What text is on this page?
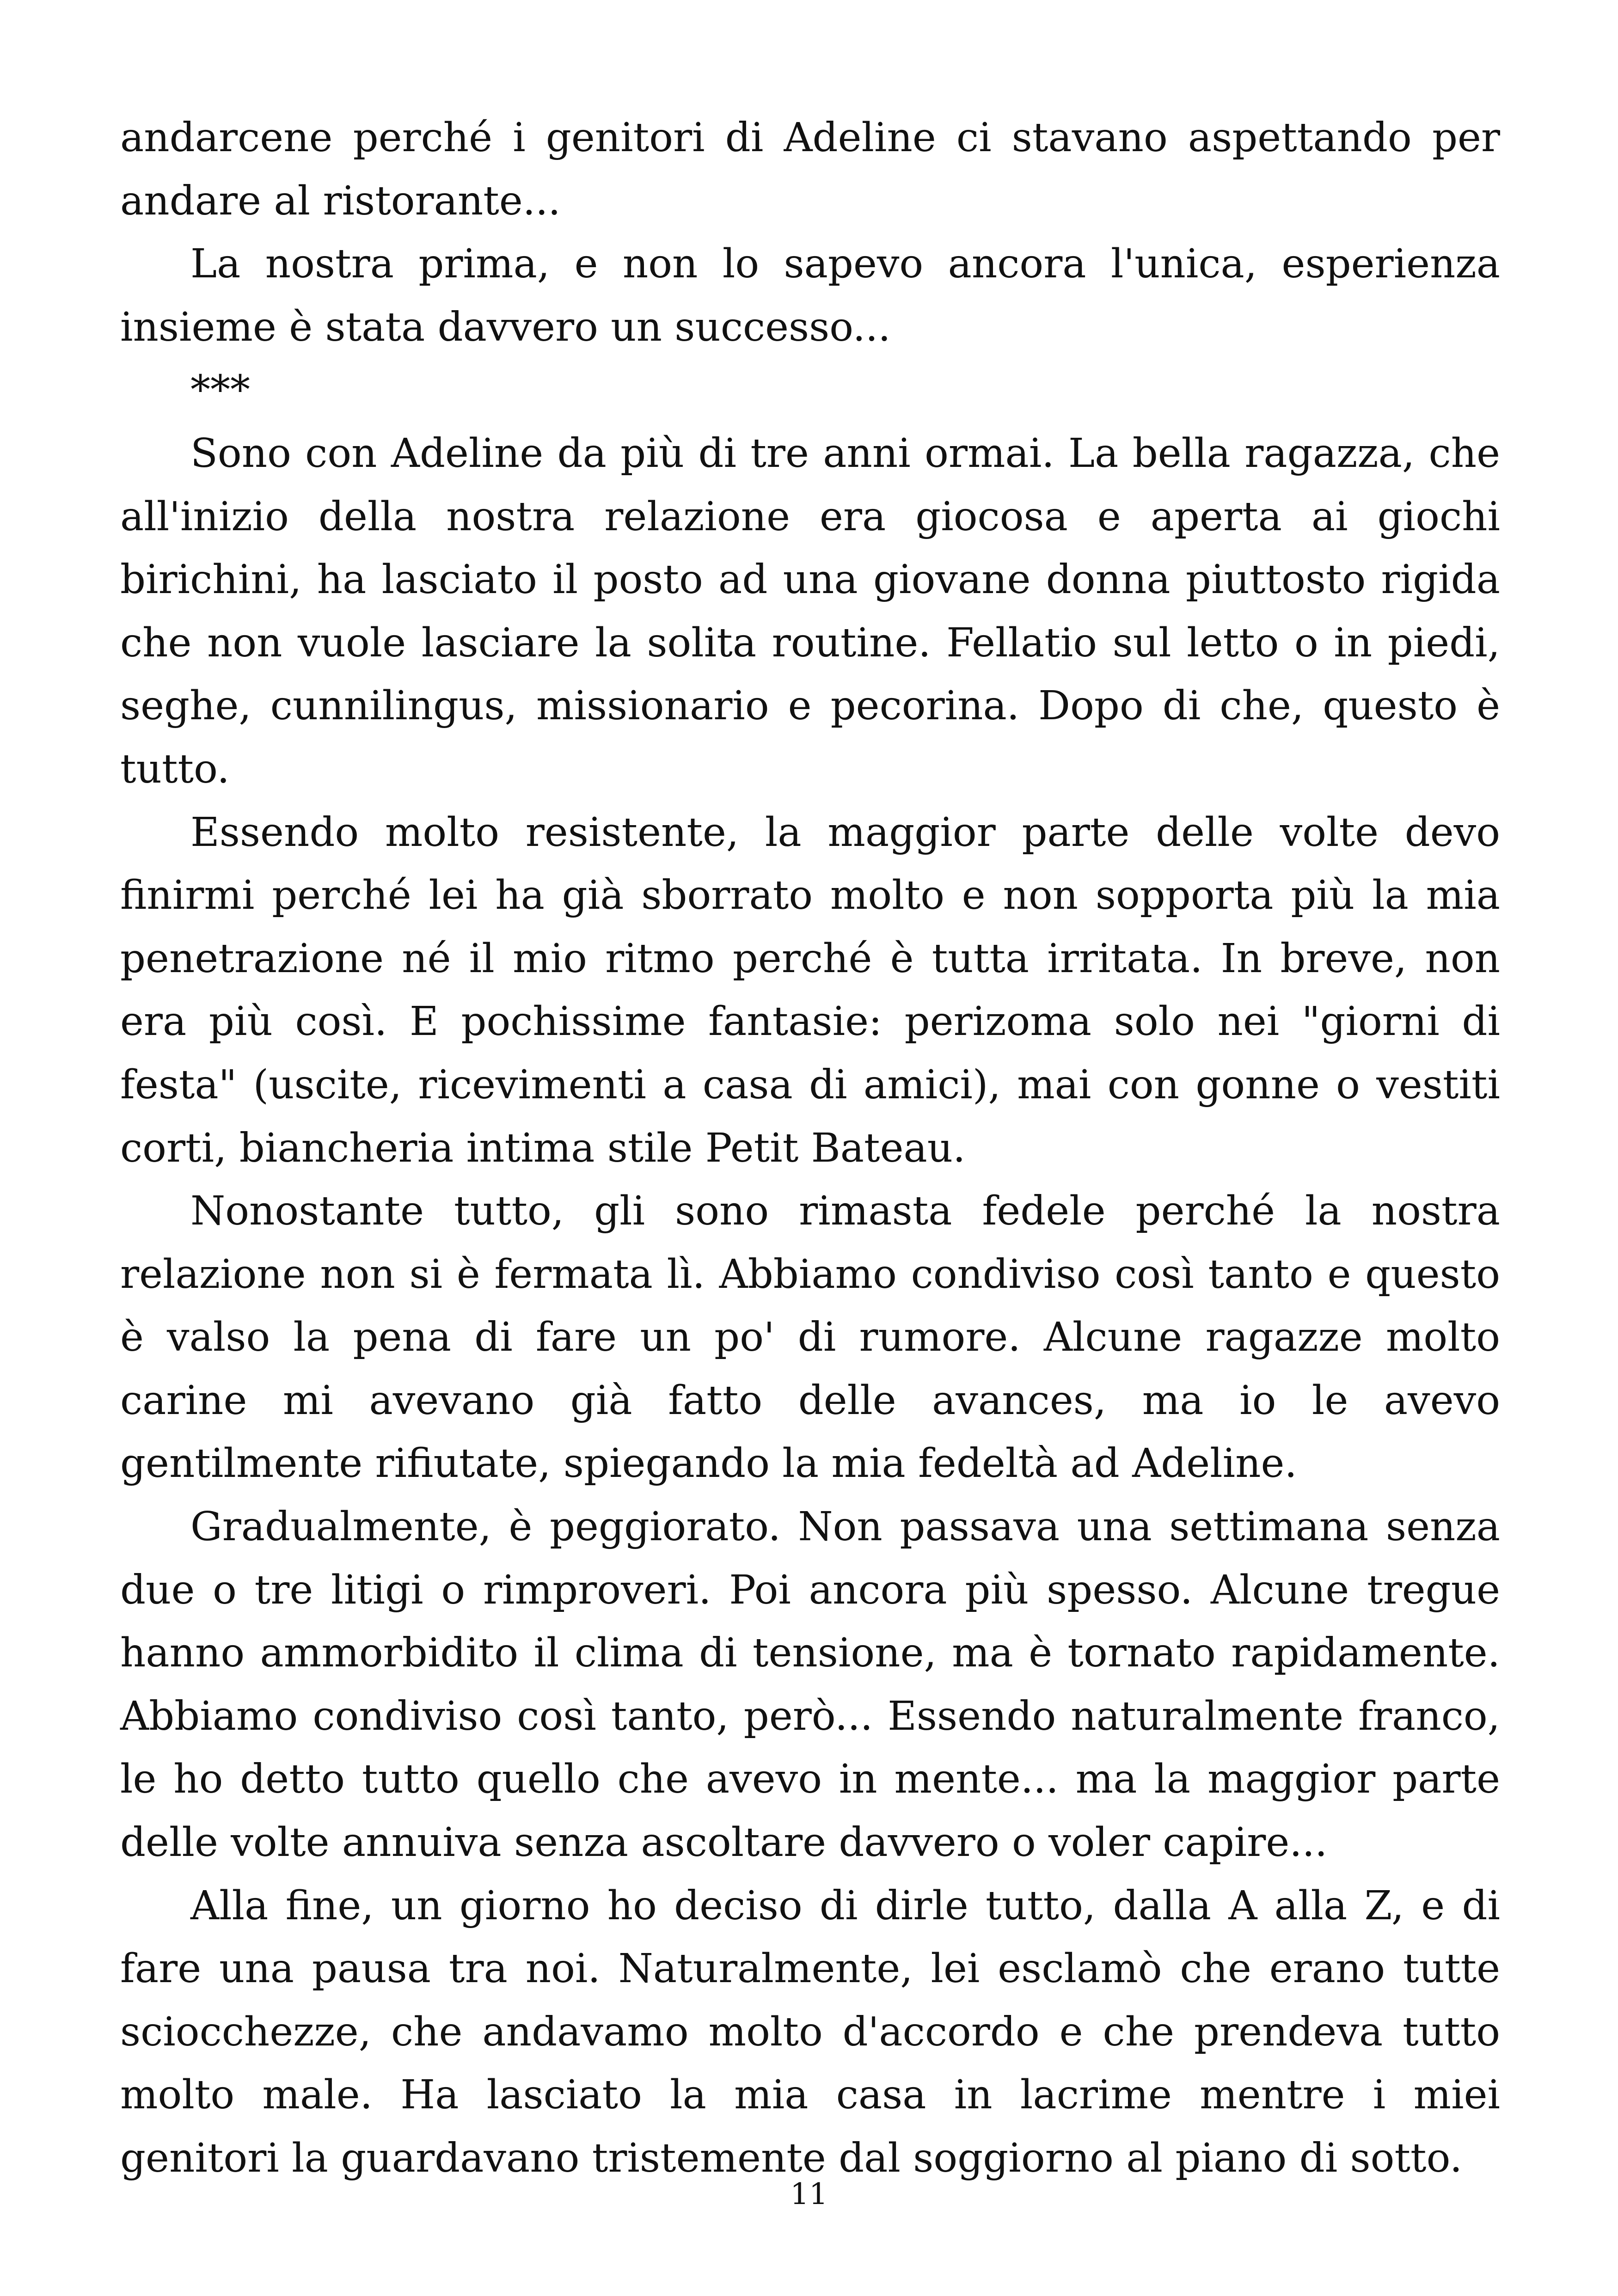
andarcene perché i genitori di Adeline ci stavano aspettando per andare al ristorante...

La nostra prima, e non lo sapevo ancora l'unica, esperienza insieme è stata davvero un successo...

***

Sono con Adeline da più di tre anni ormai. La bella ragazza, che all'inizio della nostra relazione era giocosa e aperta ai giochi birichini, ha lasciato il posto ad una giovane donna piuttosto rigida che non vuole lasciare la solita routine. Fellatio sul letto o in piedi, seghe, cunnilingus, missionario e pecorina. Dopo di che, questo è tutto.

Essendo molto resistente, la maggior parte delle volte devo finirmi perché lei ha già sborrato molto e non sopporta più la mia penetrazione né il mio ritmo perché è tutta irritata. In breve, non era più così. E pochissime fantasie: perizoma solo nei "giorni di festa" (uscite, ricevimenti a casa di amici), mai con gonne o vestiti corti, biancheria intima stile Petit Bateau.

Nonostante tutto, gli sono rimasta fedele perché la nostra relazione non si è fermata lì. Abbiamo condiviso così tanto e questo è valso la pena di fare un po' di rumore. Alcune ragazze molto carine mi avevano già fatto delle avances, ma io le avevo gentilmente rifiutate, spiegando la mia fedeltà ad Adeline.

Gradualmente, è peggiorato. Non passava una settimana senza due o tre litigi o rimproveri. Poi ancora più spesso. Alcune tregue hanno ammorbidito il clima di tensione, ma è tornato rapidamente. Abbiamo condiviso così tanto, però... Essendo naturalmente franco, le ho detto tutto quello che avevo in mente... ma la maggior parte delle volte annuiva senza ascoltare davvero o voler capire...

Alla fine, un giorno ho deciso di dirle tutto, dalla A alla Z, e di fare una pausa tra noi. Naturalmente, lei esclamò che erano tutte sciocchezze, che andavamo molto d'accordo e che prendeva tutto molto male. Ha lasciato la mia casa in lacrime mentre i miei genitori la guardavano tristemente dal soggiorno al piano di sotto.

11
